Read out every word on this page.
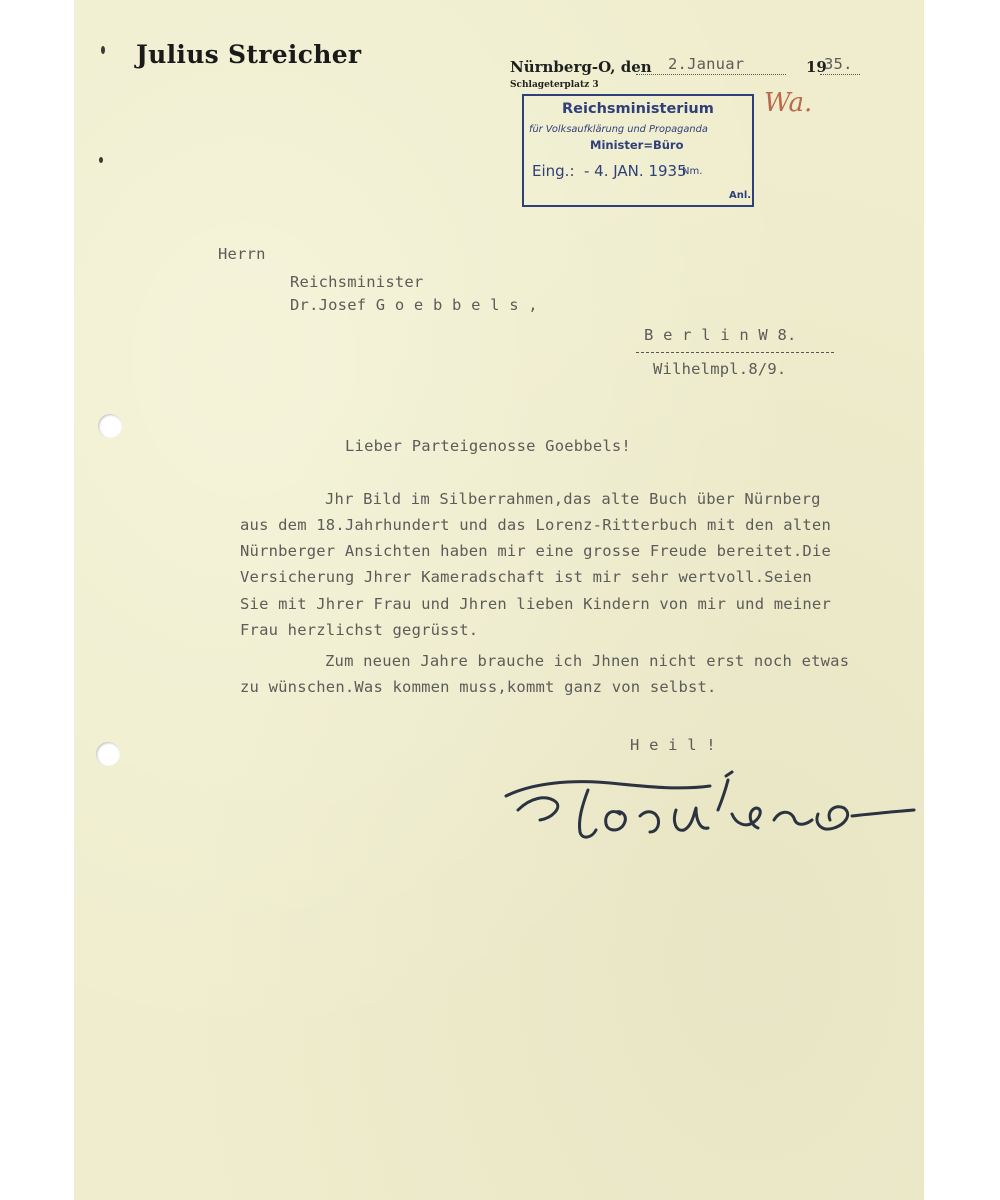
Julius Streicher	Nürnberg-O, den
Schlageterplatz 3
2.Januar	19
35.
Reichsministerium
für Volksaufklärung und Propaganda
Minister=Büro
Eing.: - 4. JAN. 1935
Nm.
Anl.
Wa.
Herrn
Reichsminister
Dr.Josef G o e b b e l s ,
B e r l i n W 8.
Wilhelmpl.8/9.
Lieber Parteigenosse Goebbels!
Jhr Bild im Silberrahmen,das alte Buch über Nürnberg
aus dem 18.Jahrhundert und das Lorenz-Ritterbuch mit den alten
Nürnberger Ansichten haben mir eine grosse Freude bereitet.Die
Versicherung Jhrer Kameradschaft ist mir sehr wertvoll.Seien
Sie mit Jhrer Frau und Jhren lieben Kindern von mir und meiner
Frau herzlichst gegrüsst.
Zum neuen Jahre brauche ich Jhnen nicht erst noch etwas
zu wünschen.Was kommen muss,kommt ganz von selbst.
H e i l !
